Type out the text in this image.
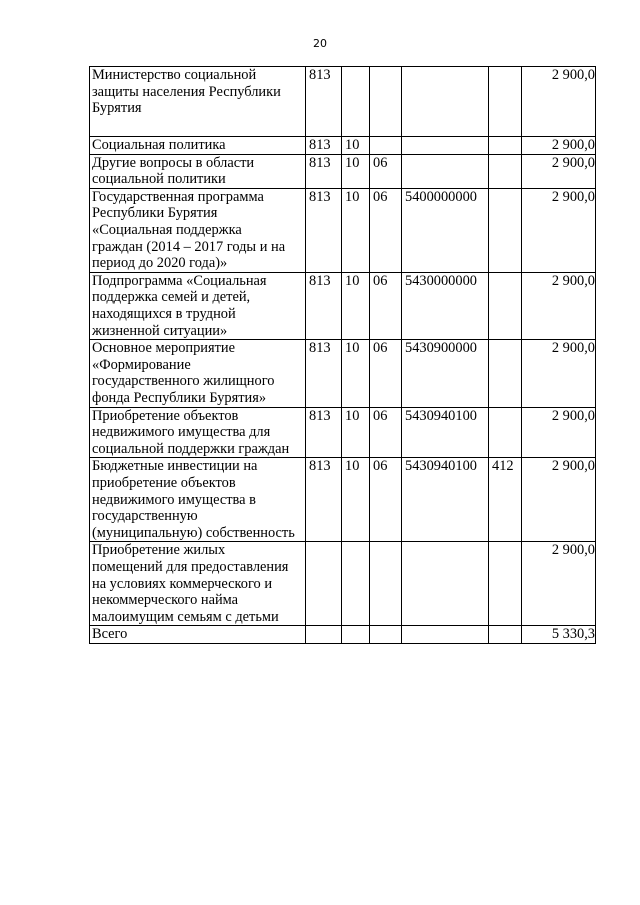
20
Министерство социальной
защиты населения Республики
Бурятия	813					2 900,0
Социальная политика	813	10				2 900,0
Другие вопросы в области
социальной политики	813	10	06			2 900,0
Государственная программа
Республики Бурятия
«Социальная поддержка
граждан (2014 – 2017 годы и на
период до 2020 года)»	813	10	06	5400000000		2 900,0
Подпрограмма «Социальная
поддержка семей и детей,
находящихся в трудной
жизненной ситуации»	813	10	06	5430000000		2 900,0
Основное мероприятие
«Формирование
государственного жилищного
фонда Республики Бурятия»	813	10	06	5430900000		2 900,0
Приобретение объектов
недвижимого имущества для
социальной поддержки граждан	813	10	06	5430940100		2 900,0
Бюджетные инвестиции на
приобретение объектов
недвижимого имущества в
государственную
(муниципальную) собственность	813	10	06	5430940100	412	2 900,0
Приобретение жилых
помещений для предоставления
на условиях коммерческого и
некоммерческого найма
малоимущим семьям с детьми						2 900,0
Всего						5 330,3
